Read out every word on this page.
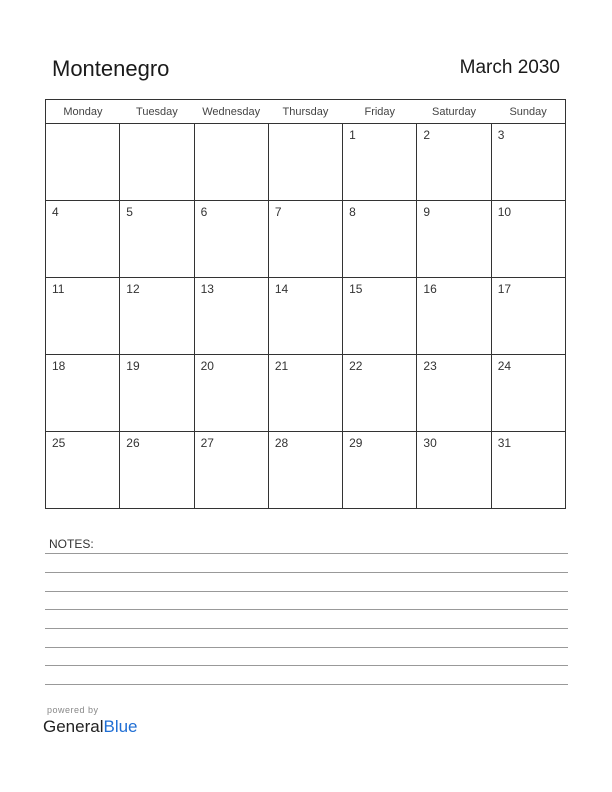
Montenegro	March 2030
Monday	Tuesday	Wednesday	Thursday	Friday	Saturday	Sunday

				1	2	3

4	5	6	7	8	9	10

11	12	13	14	15	16	17

18	19	20	21	22	23	24

25	26	27	28	29	30	31
NOTES:
powered by
GeneralBlue
